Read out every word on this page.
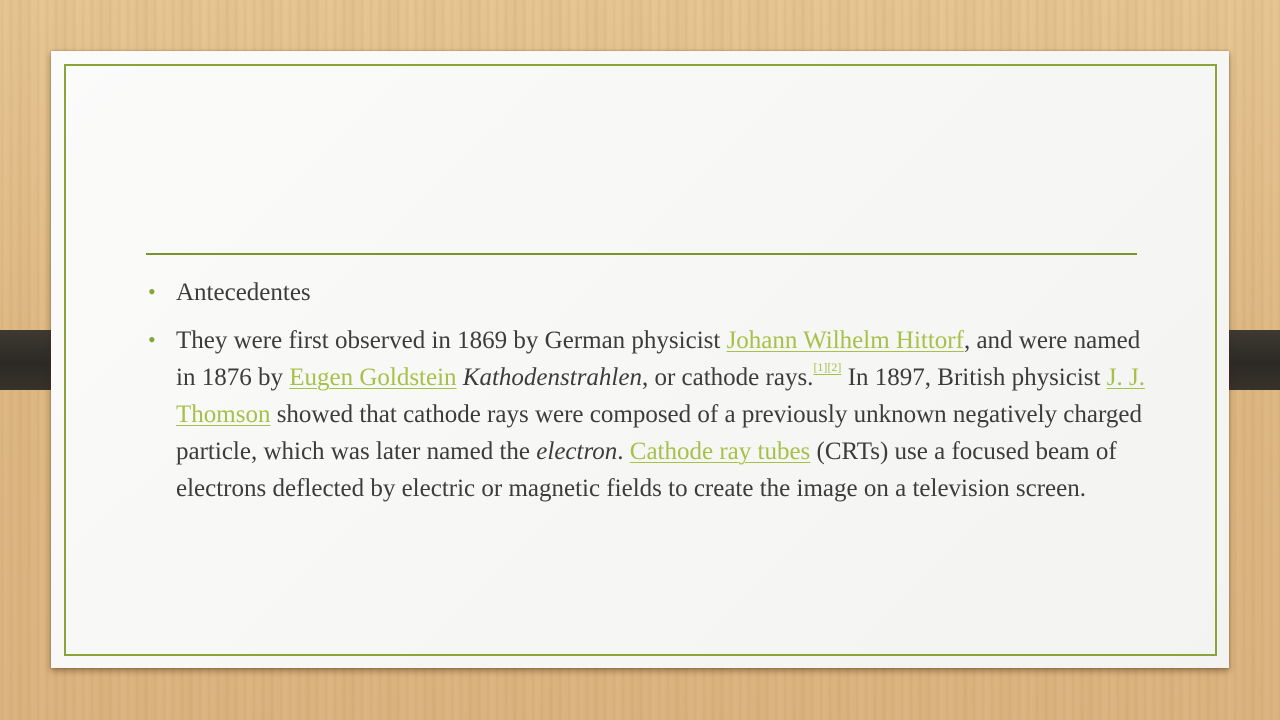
• Antecedentes
• They were first observed in 1869 by German physicist Johann Wilhelm Hittorf, and were named in 1876 by Eugen Goldstein Kathodenstrahlen, or cathode rays.[1][2] In 1897, British physicist J. J. Thomson showed that cathode rays were composed of a previously unknown negatively charged particle, which was later named the electron. Cathode ray tubes (CRTs) use a focused beam of electrons deflected by electric or magnetic fields to create the image on a television screen.
